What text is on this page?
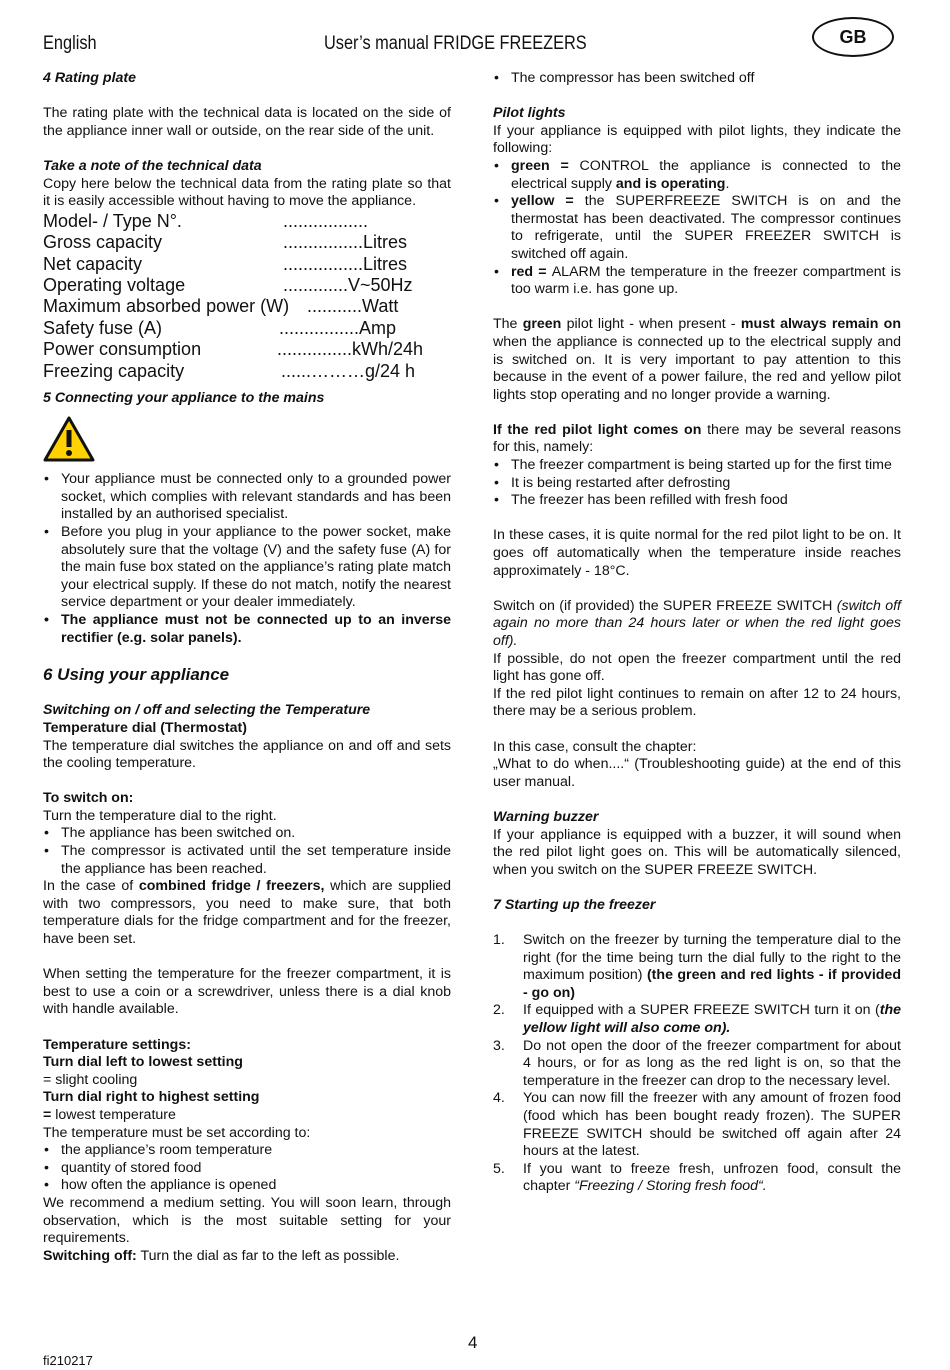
English	User’s manual FRIDGE FREEZERS	GB

4 Rating plate

The rating plate with the technical data is located on the side of the appliance inner wall or outside, on the rear side of the unit.

Take a note of the technical data

Copy here below the technical data from the rating plate so that it is easily accessible without having to move the appliance.

Model- / Type N°.	.................
Gross capacity	................Litres
Net capacity	................Litres
Operating voltage	.............V~50Hz
Maximum absorbed power (W) ...........Watt
Safety fuse (A)	................Amp
Power consumption	...............kWh/24h
Freezing capacity	......………g/24 h

5 Connecting your appliance to the mains

• Your appliance must be connected only to a grounded power socket, which complies with relevant standards and has been installed by an authorised specialist.
• Before you plug in your appliance to the power socket, make absolutely sure that the voltage (V) and the safety fuse (A) for the main fuse box stated on the appliance’s rating plate match your electrical supply. If these do not match, notify the nearest service department or your dealer immediately.
• The appliance must not be connected up to an inverse rectifier (e.g. solar panels).

6 Using your appliance

Switching on / off and selecting the Temperature

Temperature dial (Thermostat)

The temperature dial switches the appliance on and off and sets the cooling temperature.

To switch on:

Turn the temperature dial to the right.

• The appliance has been switched on.
• The compressor is activated until the set temperature inside the appliance has been reached.

In the case of combined fridge / freezers, which are supplied with two compressors, you need to make sure, that both temperature dials for the fridge compartment and for the freezer, have been set.

When setting the temperature for the freezer compartment, it is best to use a coin or a screwdriver, unless there is a dial knob with handle available.

Temperature settings:

Turn dial left to lowest setting

= slight cooling

Turn dial right to highest setting

= lowest temperature

The temperature must be set according to:

• the appliance’s room temperature
• quantity of stored food
• how often the appliance is opened

We recommend a medium setting. You will soon learn, through observation, which is the most suitable setting for your requirements.

Switching off: Turn the dial as far to the left as possible.

• The compressor has been switched off

Pilot lights

If your appliance is equipped with pilot lights, they indicate the following:

• green = CONTROL the appliance is connected to the electrical supply and is operating.
• yellow = the SUPERFREEZE SWITCH is on and the thermostat has been deactivated. The compressor continues to refrigerate, until the SUPER FREEZER SWITCH is switched off again.
• red = ALARM the temperature in the freezer compartment is too warm i.e. has gone up.

The green pilot light - when present - must always remain on when the appliance is connected up to the electrical supply and is switched on. It is very important to pay attention to this because in the event of a power failure, the red and yellow pilot lights stop operating and no longer provide a warning.

If the red pilot light comes on there may be several reasons for this, namely:

• The freezer compartment is being started up for the first time
• It is being restarted after defrosting
• The freezer has been refilled with fresh food

In these cases, it is quite normal for the red pilot light to be on. It goes off automatically when the temperature inside reaches approximately - 18°C.

Switch on (if provided) the SUPER FREEZE SWITCH (switch off again no more than 24 hours later or when the red light goes off).

If possible, do not open the freezer compartment until the red light has gone off.

If the red pilot light continues to remain on after 12 to 24 hours, there may be a serious problem.

In this case, consult the chapter:

„What to do when....“ (Troubleshooting guide) at the end of this user manual.

Warning buzzer

If your appliance is equipped with a buzzer, it will sound when the red pilot light goes on. This will be automatically silenced, when you switch on the SUPER FREEZE SWITCH.

7 Starting up the freezer

1. Switch on the freezer by turning the temperature dial to the right (for the time being turn the dial fully to the right to the maximum position) (the green and red lights - if provided - go on)
2. If equipped with a SUPER FREEZE SWITCH turn it on (the yellow light will also come on).
3. Do not open the door of the freezer compartment for about 4 hours, or for as long as the red light is on, so that the temperature in the freezer can drop to the necessary level.
4. You can now fill the freezer with any amount of frozen food (food which has been bought ready frozen). The SUPER FREEZE SWITCH should be switched off again after 24 hours at the latest.
5. If you want to freeze fresh, unfrozen food, consult the chapter “Freezing / Storing fresh food“.
4
fi210217
